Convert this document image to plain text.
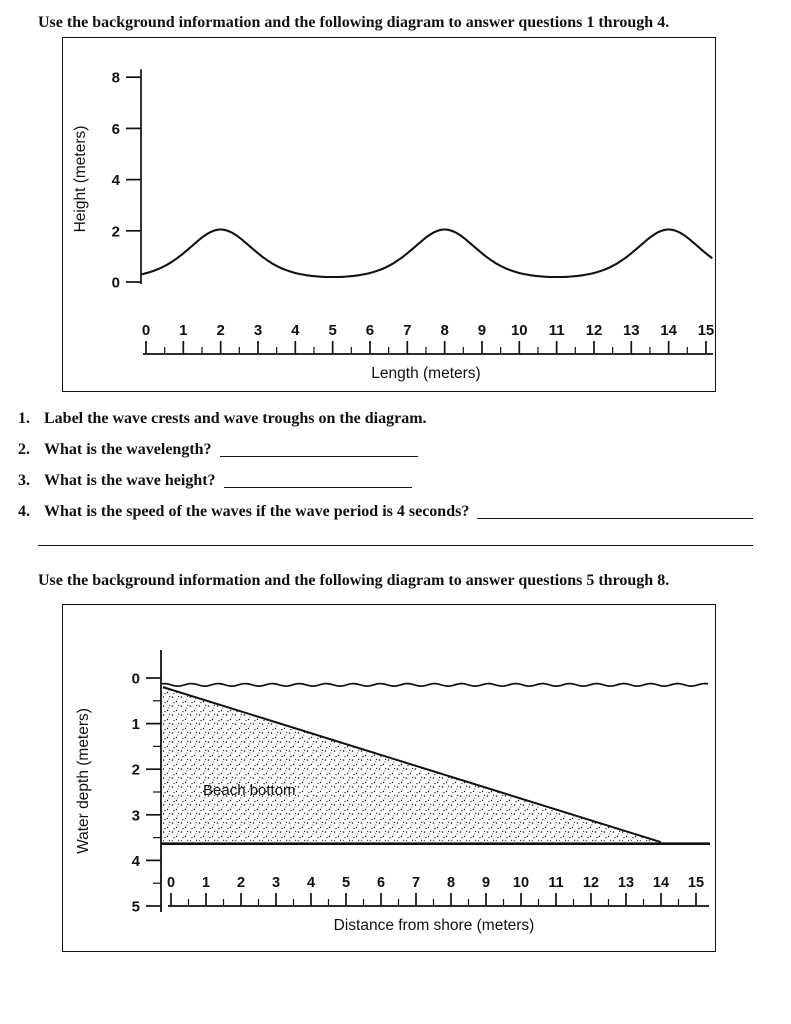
Use the background information and the following diagram to answer questions 1 through 4.

0
2
4
6
8
0 1 2 3 4 5 6 7 8 9 10 11 12 13 14 15
Length (meters)
Height (meters)
1. Label the wave crests and wave troughs on the diagram.
2. What is the wavelength?
3. What is the wave height?
4. What is the speed of the waves if the wave period is 4 seconds?

Use the background information and the following diagram to answer questions 5 through 8.

0
1
2
3
4
5
0 1 2 3 4 5 6 7 8 9 10 11 12 13 14 15
Beach bottom
Distance from shore (meters)
Water depth (meters)
